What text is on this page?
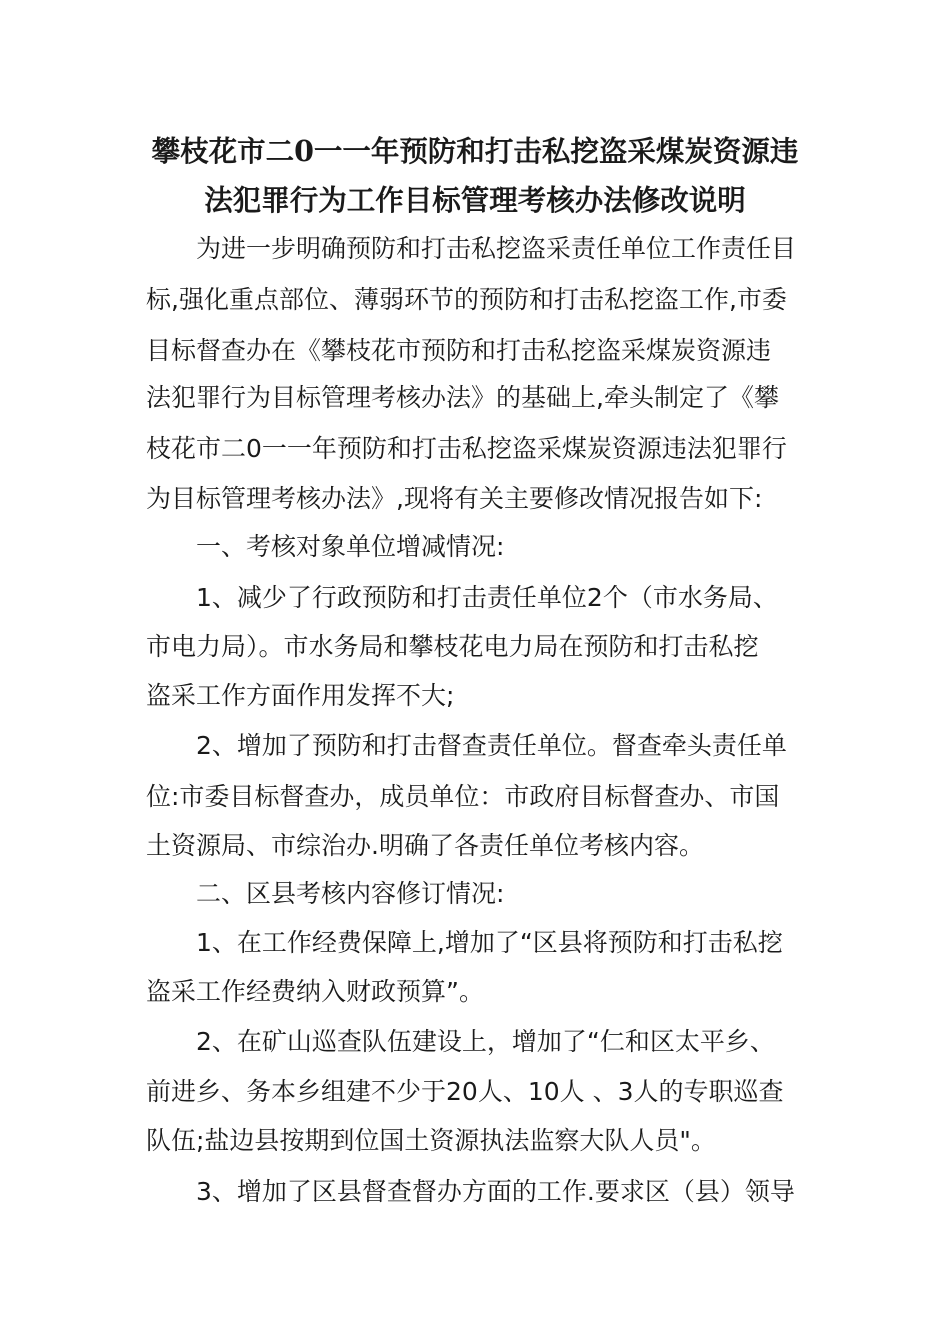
攀枝花市二0一一年预防和打击私挖盗采煤炭资源违
法犯罪行为工作目标管理考核办法修改说明
为进一步明确预防和打击私挖盗采责任单位工作责任目
标,强化重点部位、薄弱环节的预防和打击私挖盗工作,市委
目标督查办在《攀枝花市预防和打击私挖盗采煤炭资源违
法犯罪行为目标管理考核办法》的基础上,牵头制定了《攀
枝花市二0一一年预防和打击私挖盗采煤炭资源违法犯罪行
为目标管理考核办法》,现将有关主要修改情况报告如下:
一、考核对象单位增减情况:
1、减少了行政预防和打击责任单位2个（市水务局、
市电力局）。市水务局和攀枝花电力局在预防和打击私挖
盗采工作方面作用发挥不大;
2、增加了预防和打击督查责任单位。督查牵头责任单
位:市委目标督查办，成员单位：市政府目标督查办、市国
土资源局、市综治办.明确了各责任单位考核内容。
二、区县考核内容修订情况:
1、在工作经费保障上,增加了“区县将预防和打击私挖
盗采工作经费纳入财政预算”。
2、在矿山巡查队伍建设上，增加了“仁和区太平乡、
前进乡、务本乡组建不少于20人、10人 、3人的专职巡查
队伍;盐边县按期到位国土资源执法监察大队人员"。
3、增加了区县督查督办方面的工作.要求区（县）领导
